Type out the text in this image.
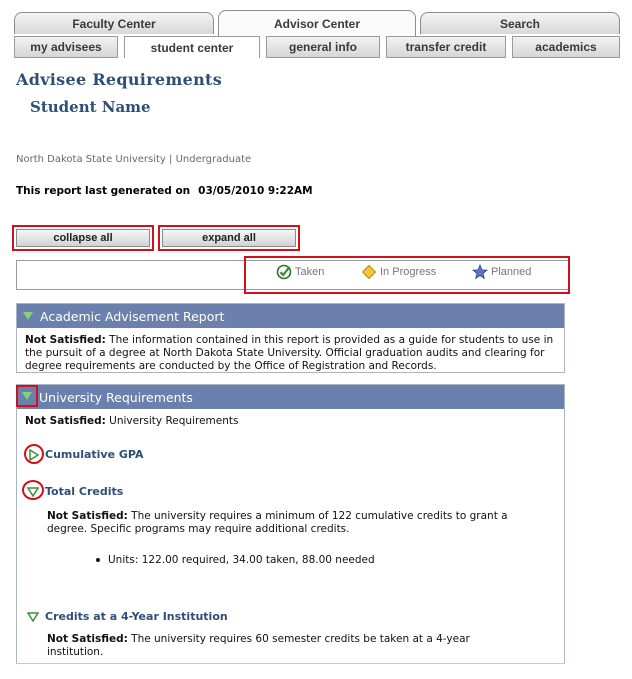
Faculty Center	Advisor Center	Search
my advisees	student center	general info	transfer credit	academics
Advisee Requirements
Student Name
North Dakota State University | Undergraduate
This report last generated on 03/05/2010 9:22AM
collapse all	expand all
Taken	In Progress	Planned
Academic Advisement Report
Not Satisfied: The information contained in this report is provided as a guide for students to use in the pursuit of a degree at North Dakota State University. Official graduation audits and clearing for degree requirements are conducted by the Office of Registration and Records.
University Requirements
Not Satisfied: University Requirements
Cumulative GPA
Total Credits
Not Satisfied: The university requires a minimum of 122 cumulative credits to grant a degree. Specific programs may require additional credits.
Units: 122.00 required, 34.00 taken, 88.00 needed
Credits at a 4-Year Institution
Not Satisfied: The university requires 60 semester credits be taken at a 4-year institution.
